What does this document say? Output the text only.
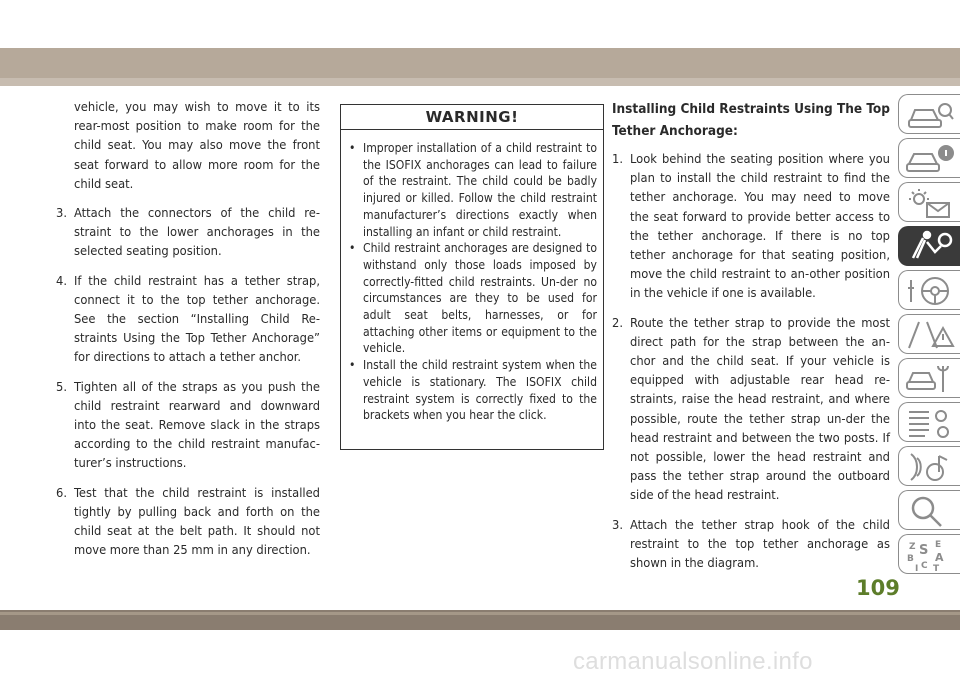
vehicle, you may wish to move it to its rear-most position to make room for the child seat. You may also move the front seat forward to allow more room for the child seat.

3. Attach the connectors of the child re-straint to the lower anchorages in the selected seating position.
4. If the child restraint has a tether strap, connect it to the top tether anchorage. See the section “Installing Child Re-straints Using the Top Tether Anchorage” for directions to attach a tether anchor.
5. Tighten all of the straps as you push the child restraint rearward and downward into the seat. Remove slack in the straps according to the child restraint manufac-turer’s instructions.
6. Test that the child restraint is installed tightly by pulling back and forth on the child seat at the belt path. It should not move more than 25 mm in any direction.
WARNING!
• Improper installation of a child restraint to the ISOFIX anchorages can lead to failure of the restraint. The child could be badly injured or killed. Follow the child restraint manufacturer’s directions exactly when installing an infant or child restraint.
• Child restraint anchorages are designed to withstand only those loads imposed by correctly-fitted child restraints. Un-der no circumstances are they to be used for adult seat belts, harnesses, or for attaching other items or equipment to the vehicle.
• Install the child restraint system when the vehicle is stationary. The ISOFIX child restraint system is correctly fixed to the brackets when you hear the click.
Installing Child Restraints Using The Top Tether Anchorage:
1. Look behind the seating position where you plan to install the child restraint to find the tether anchorage. You may need to move the seat forward to provide better access to the tether anchorage. If there is no top tether anchorage for that seating position, move the child restraint to an-other position in the vehicle if one is available.
2. Route the tether strap to provide the most direct path for the strap between the an-chor and the child seat. If your vehicle is equipped with adjustable rear head re-straints, raise the head restraint, and where possible, route the tether strap un-der the head restraint and between the two posts. If not possible, lower the head restraint and pass the tether strap around the outboard side of the head restraint.
3. Attach the tether strap hook of the child restraint to the top tether anchorage as shown in the diagram.
Z E
B A
I C T
S
109
carmanualsonline.info
